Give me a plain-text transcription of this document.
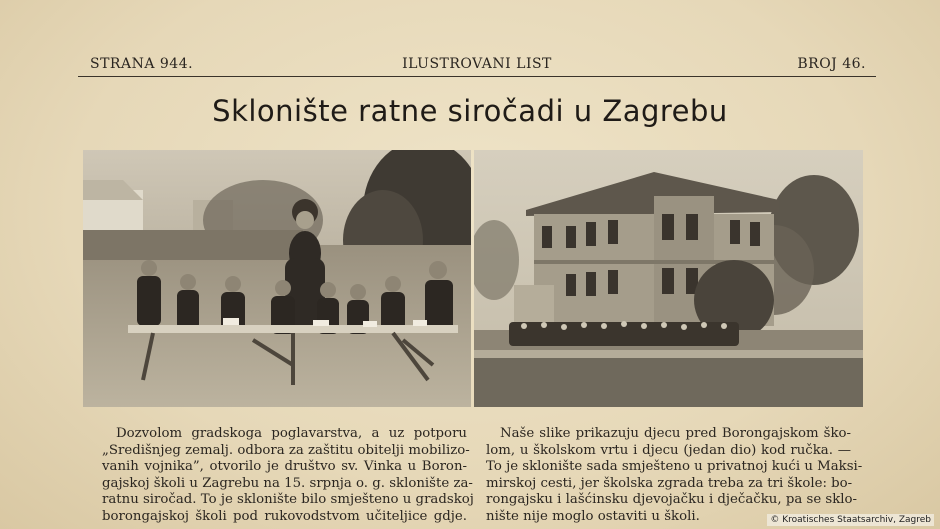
STRANA 944.	ILUSTROVANI LIST	BROJ 46.
Sklonište ratne siročadi u Zagrebu
Dozvolom gradskoga poglavarstva, a uz potporu
„Središnjeg zemalj. odbora za zaštitu obitelji mobilizo-
vanih vojnika”, otvorilo je društvo sv. Vinka u Boron-
gajskoj školi u Zagrebu na 15. srpnja o. g. sklonište za-
ratnu siročad. To je sklonište bilo smješteno u gradskoj
borongajskoj školi pod rukovodstvom učiteljice gdje.
Naše slike prikazuju djecu pred Borongajskom ško-
lom, u školskom vrtu i djecu (jedan dio) kod ručka. —
To je sklonište sada smješteno u privatnoj kući u Maksi-
mirskoj cesti, jer školska zgrada treba za tri škole: bo-
rongajsku i lašćinsku djevojačku i dječačku, pa se sklo-
nište nije moglo ostaviti u školi.	© Kroatisches Staatsarchiv, Zagreb
